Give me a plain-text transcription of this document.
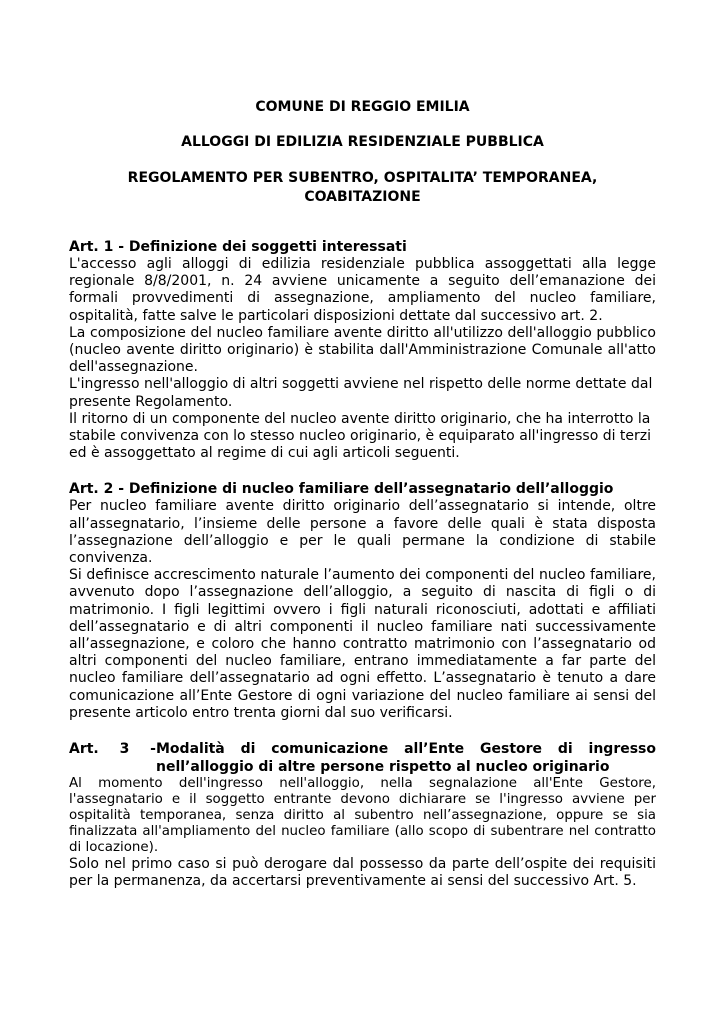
COMUNE DI REGGIO EMILIA

ALLOGGI DI EDILIZIA RESIDENZIALE PUBBLICA

REGOLAMENTO PER SUBENTRO, OSPITALITA’ TEMPORANEA,

COABITAZIONE

Art. 1 - Definizione dei soggetti interessati

L'accesso agli alloggi di edilizia residenziale pubblica assoggettati alla legge regionale 8/8/2001, n. 24 avviene unicamente a seguito dell’emanazione dei formali provvedimenti di assegnazione, ampliamento del nucleo familiare, ospitalità, fatte salve le particolari disposizioni dettate dal successivo art. 2.

La composizione del nucleo familiare avente diritto all'utilizzo dell'alloggio pubblico (nucleo avente diritto originario) è stabilita dall'Amministrazione Comunale all'atto dell'assegnazione.

L'ingresso nell'alloggio di altri soggetti avviene nel rispetto delle norme dettate dal presente Regolamento.

Il ritorno di un componente del nucleo avente diritto originario, che ha interrotto la stabile convivenza con lo stesso nucleo originario, è equiparato all'ingresso di terzi ed è assoggettato al regime di cui agli articoli seguenti.

Art. 2 - Definizione di nucleo familiare dell’assegnatario dell’alloggio

Per nucleo familiare avente diritto originario dell’assegnatario si intende, oltre all’assegnatario, l’insieme delle persone a favore delle quali è stata disposta l’assegnazione dell’alloggio e per le quali permane la condizione di stabile convivenza.

Si definisce accrescimento naturale l’aumento dei componenti del nucleo familiare, avvenuto dopo l’assegnazione dell’alloggio, a seguito di nascita di figli o di matrimonio. I figli legittimi ovvero i figli naturali riconosciuti, adottati e affiliati dell’assegnatario e di altri componenti il nucleo familiare nati successivamente all’assegnazione, e coloro che hanno contratto matrimonio con l’assegnatario od altri componenti del nucleo familiare, entrano immediatamente a far parte del nucleo familiare dell’assegnatario ad ogni effetto. L’assegnatario è tenuto a dare comunicazione all’Ente Gestore di ogni variazione del nucleo familiare ai sensi del presente articolo entro trenta giorni dal suo verificarsi.

Art. 3 - Modalità di comunicazione all’Ente Gestore di ingresso
nell’alloggio di altre persone rispetto al nucleo originario

Al momento dell'ingresso nell'alloggio, nella segnalazione all'Ente Gestore, l'assegnatario e il soggetto entrante devono dichiarare se l'ingresso avviene per ospitalità temporanea, senza diritto al subentro nell’assegnazione, oppure se sia finalizzata all'ampliamento del nucleo familiare (allo scopo di subentrare nel contratto di locazione).

Solo nel primo caso si può derogare dal possesso da parte dell’ospite dei requisiti per la permanenza, da accertarsi preventivamente ai sensi del successivo Art. 5.
